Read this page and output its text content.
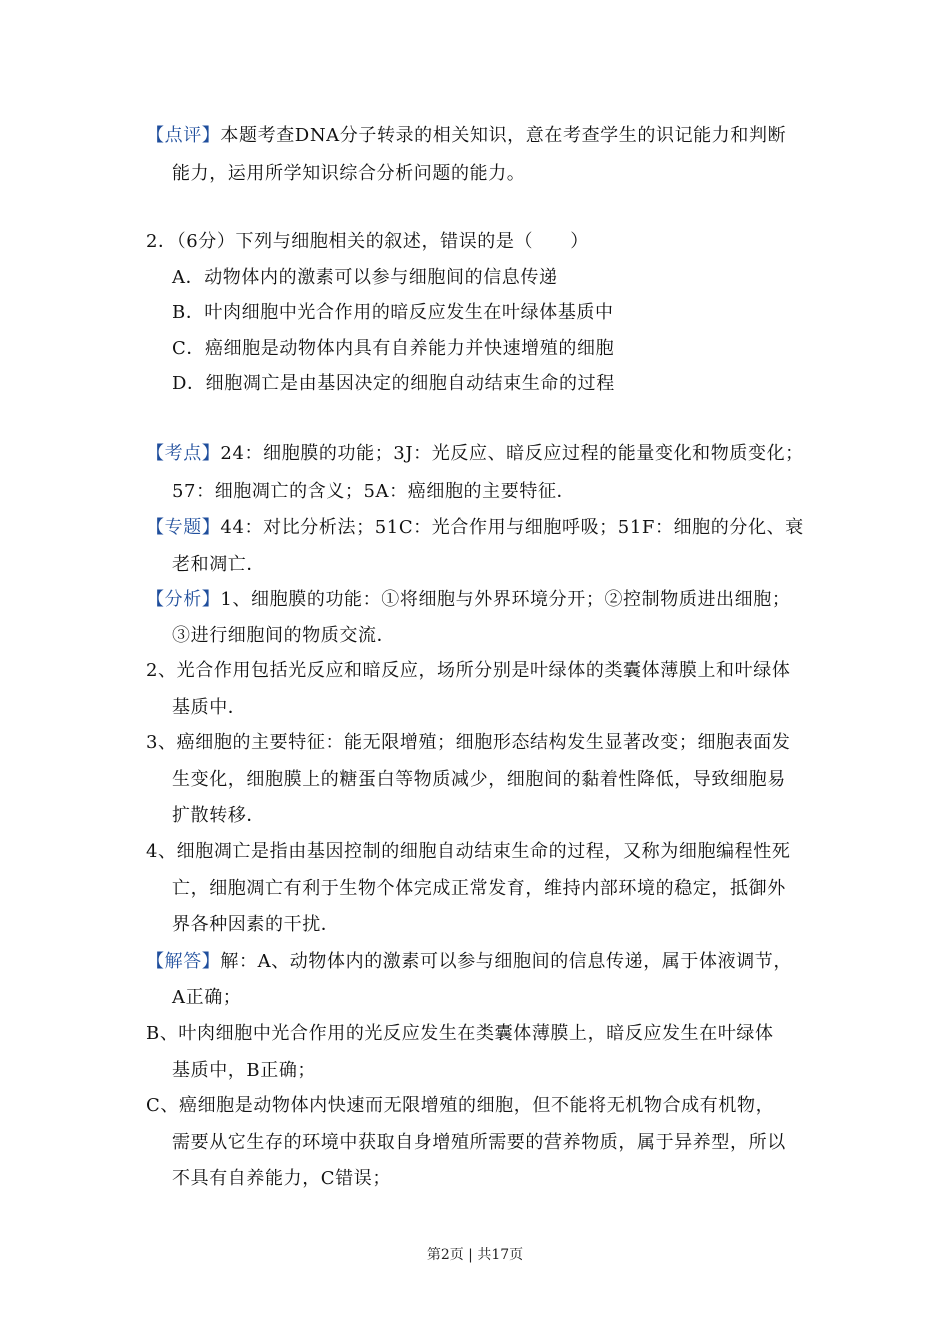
【点评】本题考查DNA分子转录的相关知识，意在考查学生的识记能力和判断
能力，运用所学知识综合分析问题的能力。
2．（6分）下列与细胞相关的叙述，错误的是（　　）
A．动物体内的激素可以参与细胞间的信息传递
B．叶肉细胞中光合作用的暗反应发生在叶绿体基质中
C．癌细胞是动物体内具有自养能力并快速增殖的细胞
D．细胞凋亡是由基因决定的细胞自动结束生命的过程
【考点】24：细胞膜的功能；3J：光反应、暗反应过程的能量变化和物质变化；
57：细胞凋亡的含义；5A：癌细胞的主要特征．
【专题】44：对比分析法；51C：光合作用与细胞呼吸；51F：细胞的分化、衰
老和凋亡．
【分析】1、细胞膜的功能：①将细胞与外界环境分开；②控制物质进出细胞；
③进行细胞间的物质交流．
2、光合作用包括光反应和暗反应，场所分别是叶绿体的类囊体薄膜上和叶绿体
基质中．
3、癌细胞的主要特征：能无限增殖；细胞形态结构发生显著改变；细胞表面发
生变化，细胞膜上的糖蛋白等物质减少，细胞间的黏着性降低，导致细胞易
扩散转移．
4、细胞凋亡是指由基因控制的细胞自动结束生命的过程，又称为细胞编程性死
亡，细胞凋亡有利于生物个体完成正常发育，维持内部环境的稳定，抵御外
界各种因素的干扰．
【解答】解：A、动物体内的激素可以参与细胞间的信息传递，属于体液调节，
A正确；
B、叶肉细胞中光合作用的光反应发生在类囊体薄膜上，暗反应发生在叶绿体
基质中，B正确；
C、癌细胞是动物体内快速而无限增殖的细胞，但不能将无机物合成有机物，
需要从它生存的环境中获取自身增殖所需要的营养物质，属于异养型，所以
不具有自养能力，C错误；
第2页 | 共17页
